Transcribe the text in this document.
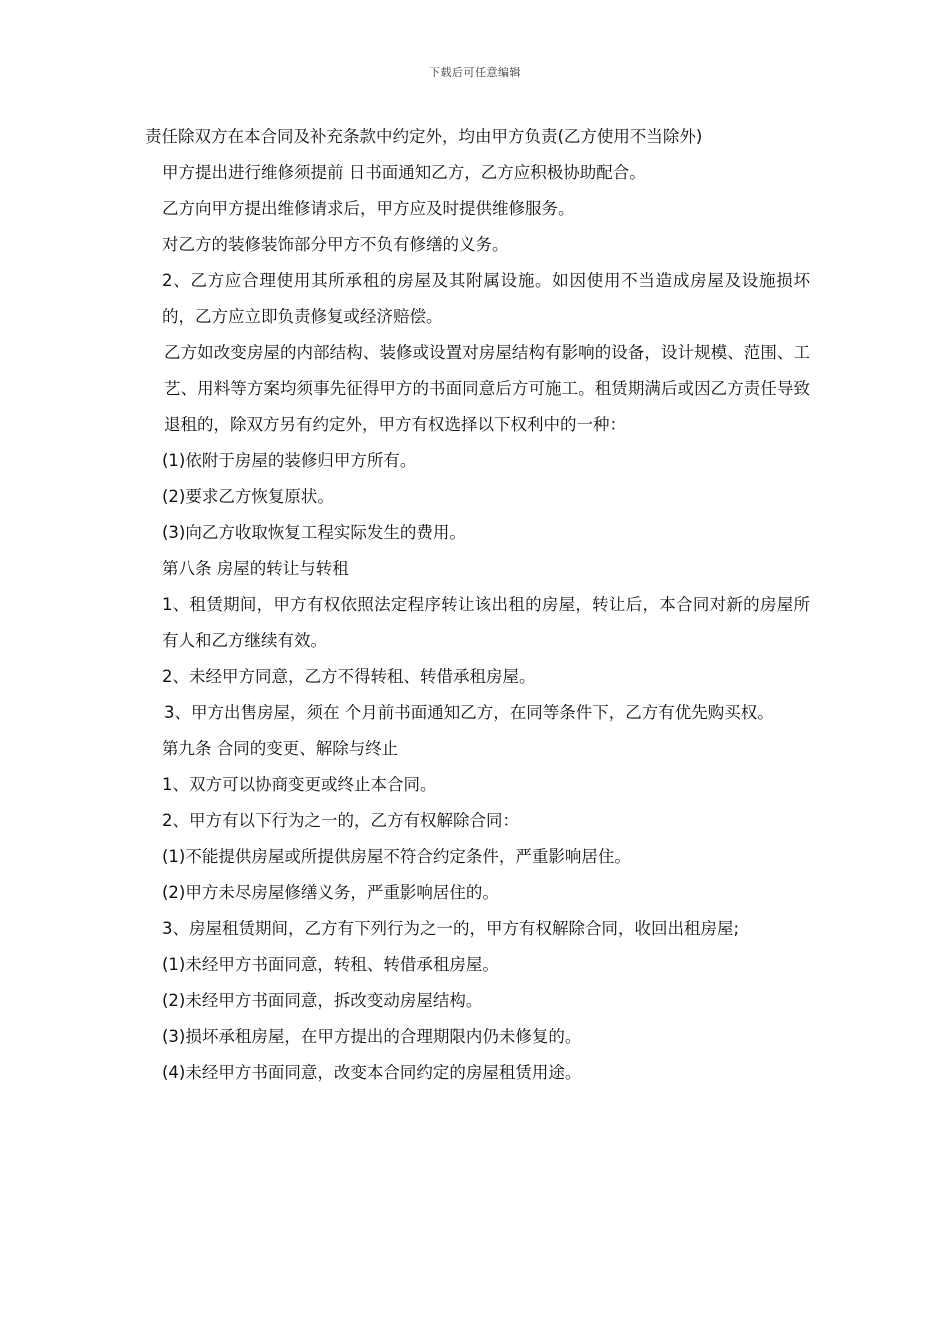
下载后可任意编辑

责任除双方在本合同及补充条款中约定外，均由甲方负责(乙方使用不当除外)

甲方提出进行维修须提前 日书面通知乙方，乙方应积极协助配合。

乙方向甲方提出维修请求后，甲方应及时提供维修服务。

对乙方的装修装饰部分甲方不负有修缮的义务。

2、乙方应合理使用其所承租的房屋及其附属设施。如因使用不当造成房屋及设施损坏的，乙方应立即负责修复或经济赔偿。

乙方如改变房屋的内部结构、装修或设置对房屋结构有影响的设备，设计规模、范围、工艺、用料等方案均须事先征得甲方的书面同意后方可施工。租赁期满后或因乙方责任导致退租的，除双方另有约定外，甲方有权选择以下权利中的一种：

(1)依附于房屋的装修归甲方所有。

(2)要求乙方恢复原状。

(3)向乙方收取恢复工程实际发生的费用。

第八条 房屋的转让与转租

1、租赁期间，甲方有权依照法定程序转让该出租的房屋，转让后，本合同对新的房屋所有人和乙方继续有效。

2、未经甲方同意，乙方不得转租、转借承租房屋。

3、甲方出售房屋，须在 个月前书面通知乙方，在同等条件下，乙方有优先购买权。

第九条 合同的变更、解除与终止

1、双方可以协商变更或终止本合同。

2、甲方有以下行为之一的，乙方有权解除合同：

(1)不能提供房屋或所提供房屋不符合约定条件，严重影响居住。

(2)甲方未尽房屋修缮义务，严重影响居住的。

3、房屋租赁期间，乙方有下列行为之一的，甲方有权解除合同，收回出租房屋;

(1)未经甲方书面同意，转租、转借承租房屋。

(2)未经甲方书面同意，拆改变动房屋结构。

(3)损坏承租房屋，在甲方提出的合理期限内仍未修复的。

(4)未经甲方书面同意，改变本合同约定的房屋租赁用途。
